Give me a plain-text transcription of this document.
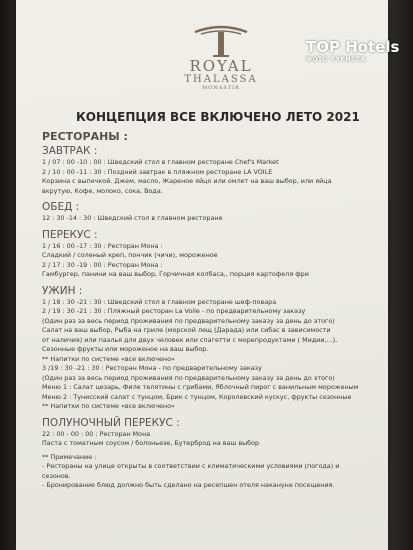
ROYAL
THALASSA
MONASTIR
КОНЦЕПЦИЯ ВСЕ ВКЛЮЧЕНО ЛЕТО 2021
РЕСТОРАНЫ :
ЗАВТРАК :
1 / 07 : 00 -10 : 00 : Шведский стол в главном ресторане Chef's Market
2 / 10 : 00 -11 : 30 : Поздний завтрак в пляжном ресторане LA VOILE
Корзина с выпечкой. Джем, масло, Жареное яйцо или омлет на ваш выбор, или яйца
вкрутую, Кофе, молоко, сока, Вода.
ОБЕД :
12 : 30 -14 : 30 : Шведский стол в главном ресторане
ПЕРЕКУС :
1 / 16 : 00 -17 : 30 : Ресторан Мона :
Сладкий / соленый креп, пончик (чичи), мороженое
2 / 17 : 30 -19 : 00 : Ресторан Мона :
Гамбургер, панини на ваш выбор, Горчичная колбаса,, порция картофеля фри
УЖИН :
1 / 18 : 30 -21 : 30 : Шведский стол в главном ресторане шеф-повара
2 / 19 : 30 -21 : 30 : Пляжный ресторан La Voile - по предварительному заказу
(Один раз за весь период проживания по предварительному заказу за день до этого)
Салат на ваш выбор, Рыба на гриле (морской лещ (Дарада) или сибас в зависимости
от наличия) или паэлья для двух человек или спагетти с морепродуктами ( Мидии,...),
Сезонные фрукты или мороженое на ваш выбор.
** Напитки по системе «все включено»
3 /19 : 30 -21 : 30 : Ресторан Мона - по предварительному заказу
(Один раз за весь период проживания по предварительному заказу за день до этого)
Меню 1 : Салат цезарь, Филе телятины с грибами, Яблочный пирог с ванильным мороженым
Меню 2 : Тунисский салат с тунцом, Брик с тунцом, Королевский кускус, фрукты сезонные
** Напитки по системе «все включено»
ПОЛУНОЧНЫЙ ПЕРЕКУС :
22 : 00 - 00 : 00 : Ресторан Мона
Паста с томатным соусом / болоньезе, Бутерброд на ваш выбор
** Примечание :
- Рестораны на улице открыты в соответствии с климатическими условиями (погода) и
сезонов.
- Бронирование блюд должно быть сделано на ресепшен отеля накануне посещения.
TOP Hotels
ФОТО ТУРИСТА
